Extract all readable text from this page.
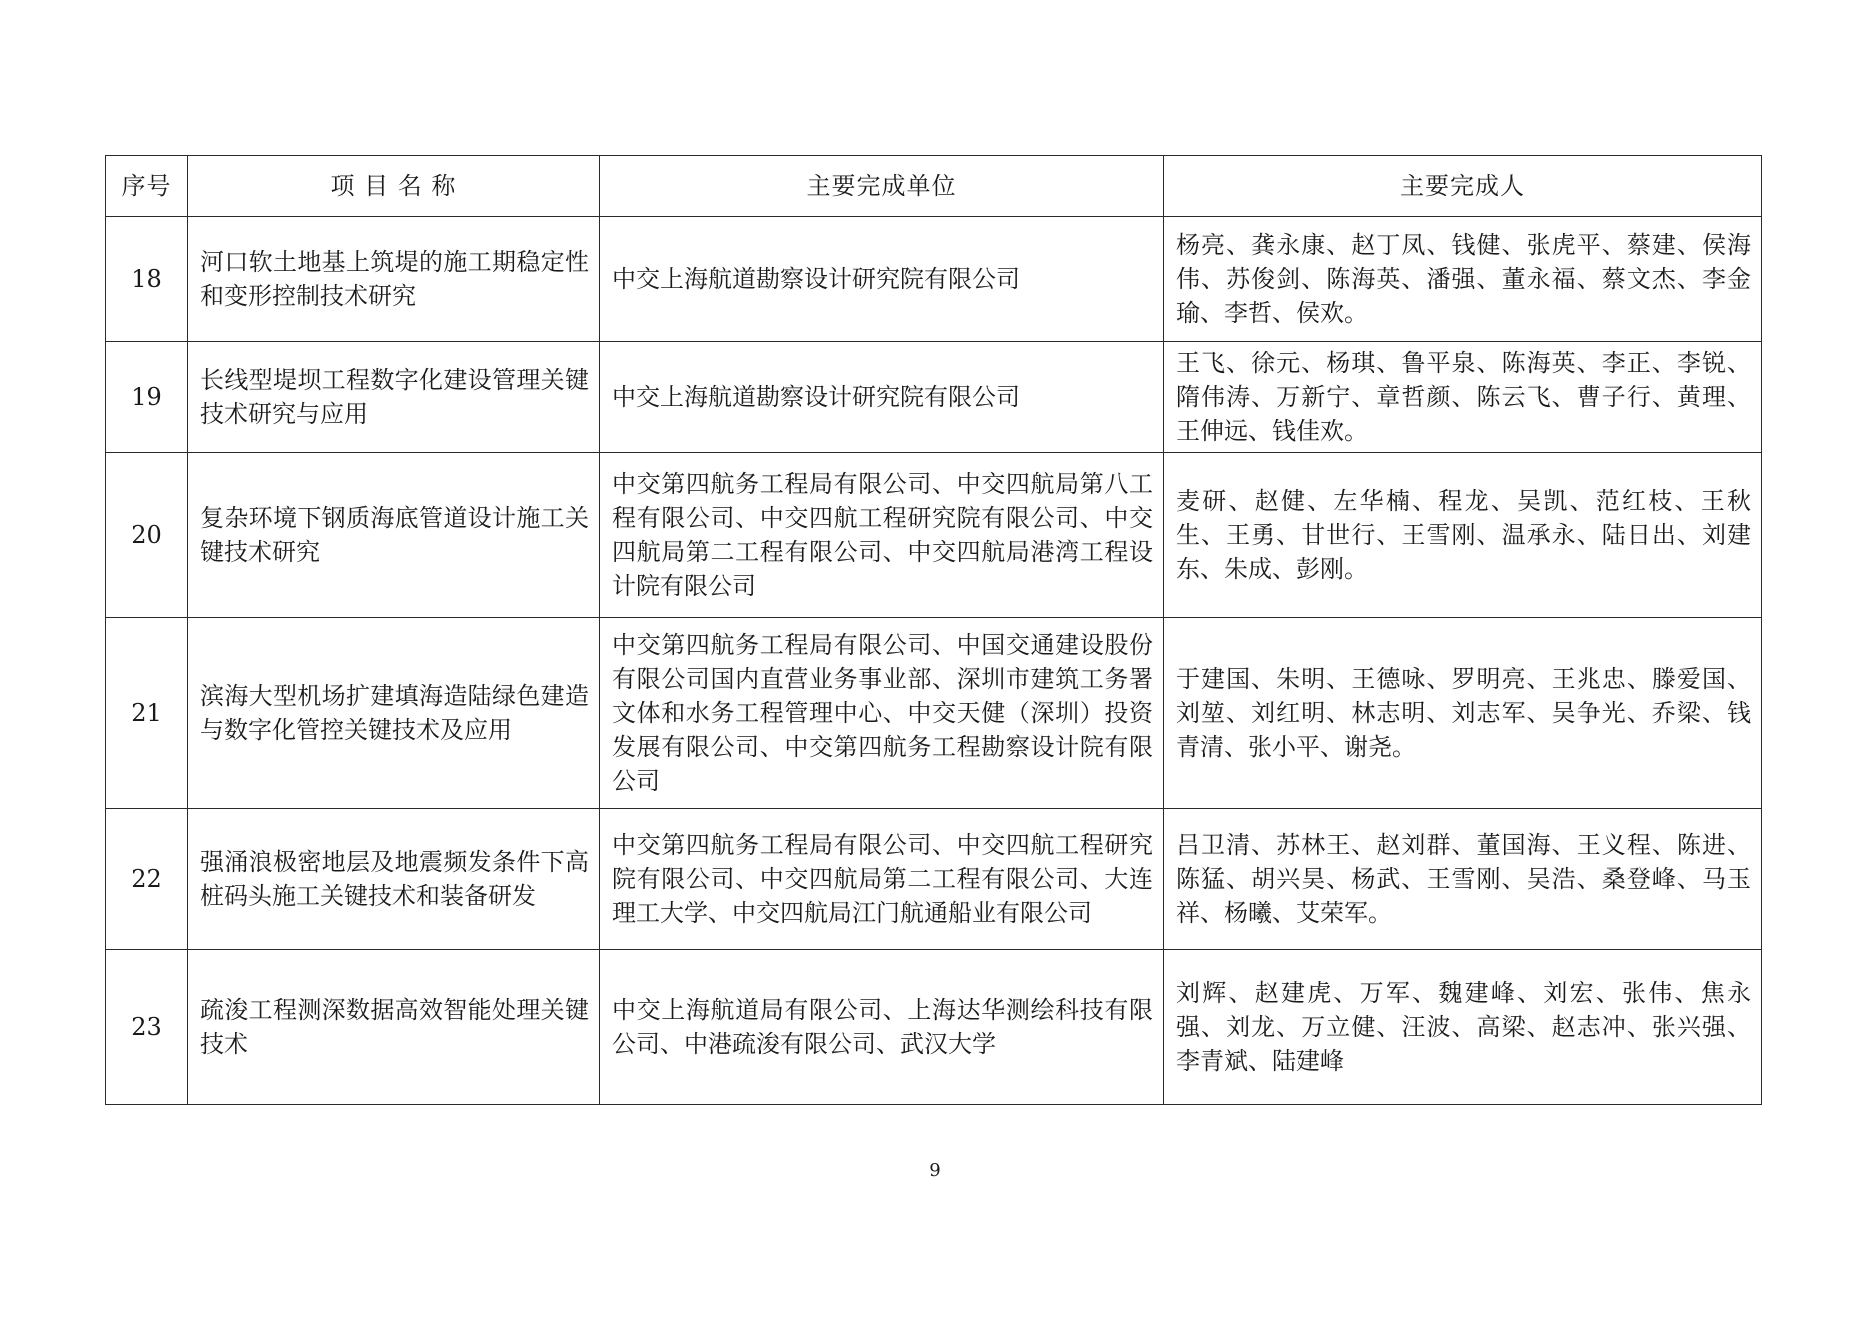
序号	项 目 名 称	主要完成单位	主要完成人
18	河口软土地基上筑堤的施工期稳定性和变形控制技术研究	中交上海航道勘察设计研究院有限公司	杨亮、龚永康、赵丁凤、钱健、张虎平、蔡建、侯海伟、苏俊剑、陈海英、潘强、董永福、蔡文杰、李金瑜、李哲、侯欢。
19	长线型堤坝工程数字化建设管理关键技术研究与应用	中交上海航道勘察设计研究院有限公司	王飞、徐元、杨琪、鲁平泉、陈海英、李正、李锐、隋伟涛、万新宁、章哲颜、陈云飞、曹子行、黄理、王伸远、钱佳欢。
20	复杂环境下钢质海底管道设计施工关键技术研究	中交第四航务工程局有限公司、中交四航局第八工程有限公司、中交四航工程研究院有限公司、中交四航局第二工程有限公司、中交四航局港湾工程设计院有限公司	麦研、赵健、左华楠、程龙、吴凯、范红枝、王秋生、王勇、甘世行、王雪刚、温承永、陆日出、刘建东、朱成、彭刚。
21	滨海大型机场扩建填海造陆绿色建造与数字化管控关键技术及应用	中交第四航务工程局有限公司、中国交通建设股份有限公司国内直营业务事业部、深圳市建筑工务署文体和水务工程管理中心、中交天健（深圳）投资发展有限公司、中交第四航务工程勘察设计院有限公司	于建国、朱明、王德咏、罗明亮、王兆忠、滕爱国、刘堃、刘红明、林志明、刘志军、吴争光、乔梁、钱青清、张小平、谢尧。
22	强涌浪极密地层及地震频发条件下高桩码头施工关键技术和装备研发	中交第四航务工程局有限公司、中交四航工程研究院有限公司、中交四航局第二工程有限公司、大连理工大学、中交四航局江门航通船业有限公司	吕卫清、苏林王、赵刘群、董国海、王义程、陈进、陈猛、胡兴昊、杨武、王雪刚、吴浩、桑登峰、马玉祥、杨曦、艾荣军。
23	疏浚工程测深数据高效智能处理关键技术	中交上海航道局有限公司、上海达华测绘科技有限公司、中港疏浚有限公司、武汉大学	刘辉、赵建虎、万军、魏建峰、刘宏、张伟、焦永强、刘龙、万立健、汪波、高梁、赵志冲、张兴强、李青斌、陆建峰
9
